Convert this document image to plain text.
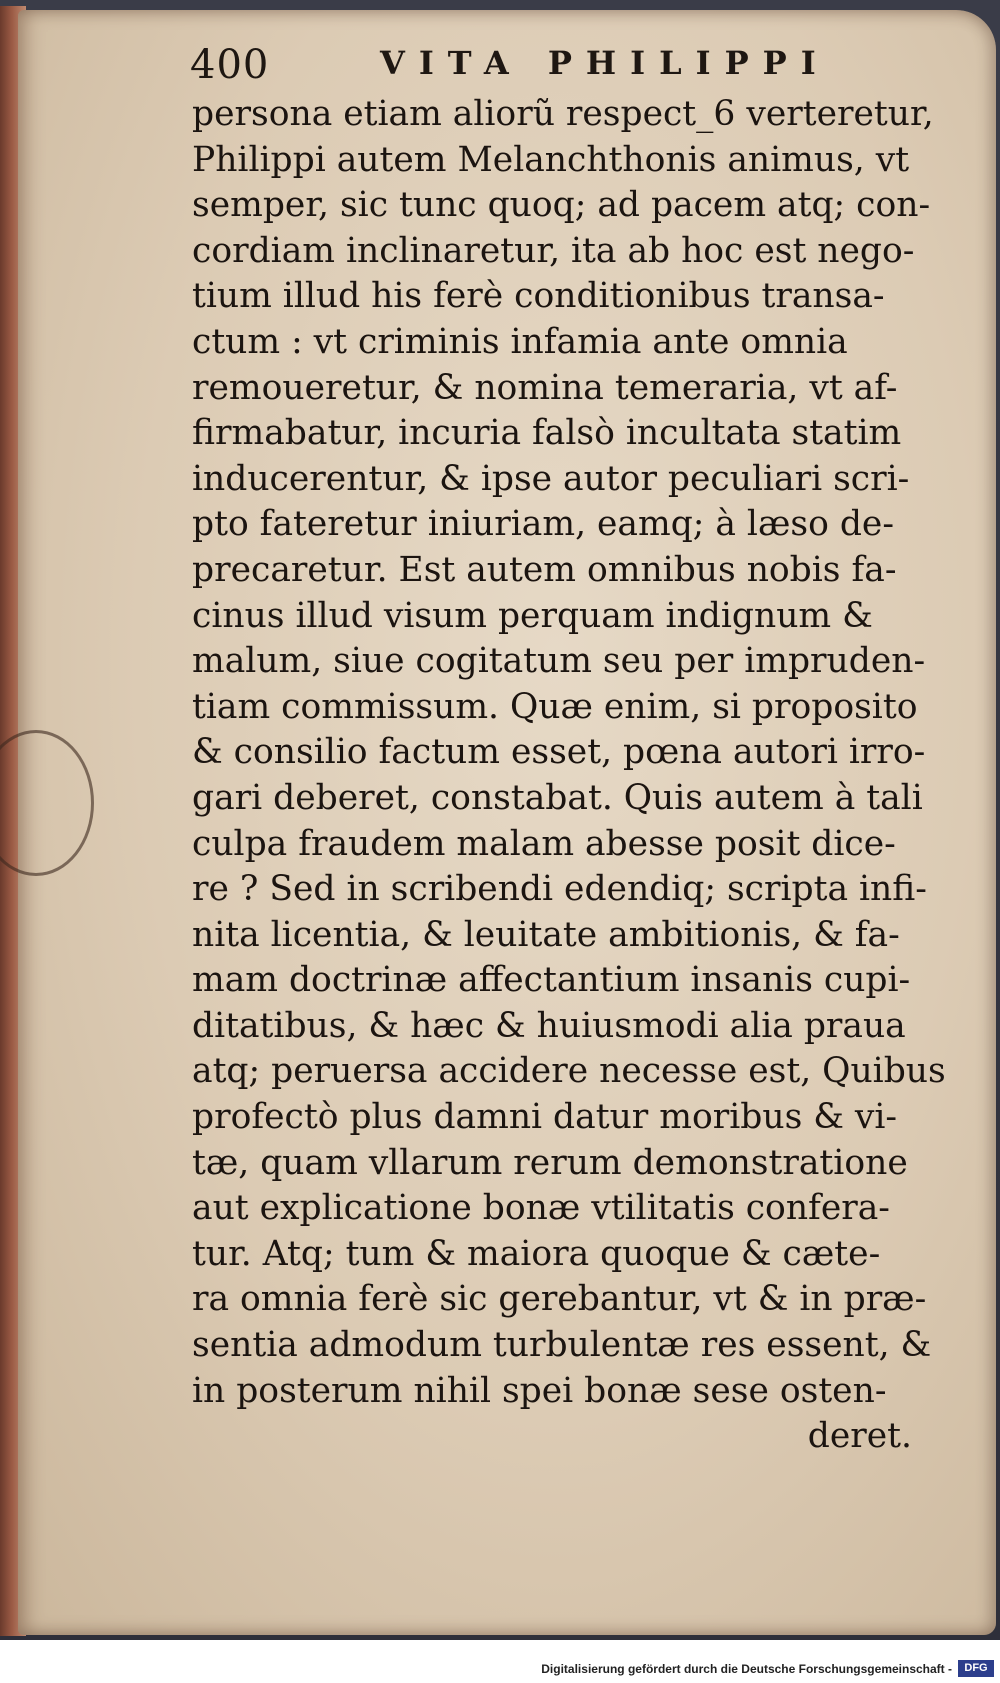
400	VITA PHILIPPI
persona etiam aliorũ respect_6 verteretur,
Philippi autem Melanchthonis animus, vt
semper, sic tunc quoq; ad pacem atq; con-
cordiam inclinaretur, ita ab hoc est nego-
tium illud his ferè conditionibus transa-
ctum : vt criminis infamia ante omnia
remoueretur, & nomina temeraria, vt af-
firmabatur, incuria falsò incultata statim
inducerentur, & ipse autor peculiari scri-
pto fateretur iniuriam, eamq; à læso de-
precaretur. Est autem omnibus nobis fa-
cinus illud visum perquam indignum &
malum, siue cogitatum seu per impruden-
tiam commissum. Quæ enim, si proposito
& consilio factum esset, pœna autori irro-
gari deberet, constabat. Quis autem à tali
culpa fraudem malam abesse posit dice-
re ? Sed in scribendi edendiq; scripta infi-
nita licentia, & leuitate ambitionis, & fa-
mam doctrinæ affectantium insanis cupi-
ditatibus, & hæc & huiusmodi alia praua
atq; peruersa accidere necesse est, Quibus
profectò plus damni datur moribus & vi-
tæ, quam vllarum rerum demonstratione
aut explicatione bonæ vtilitatis confera-
tur. Atq; tum & maiora quoque & cæte-
ra omnia ferè sic gerebantur, vt & in præ-
sentia admodum turbulentæ res essent, &
in posterum nihil spei bonæ sese osten-
deret.
Digitalisierung gefördert durch die Deutsche Forschungsgemeinschaft -	DFG
